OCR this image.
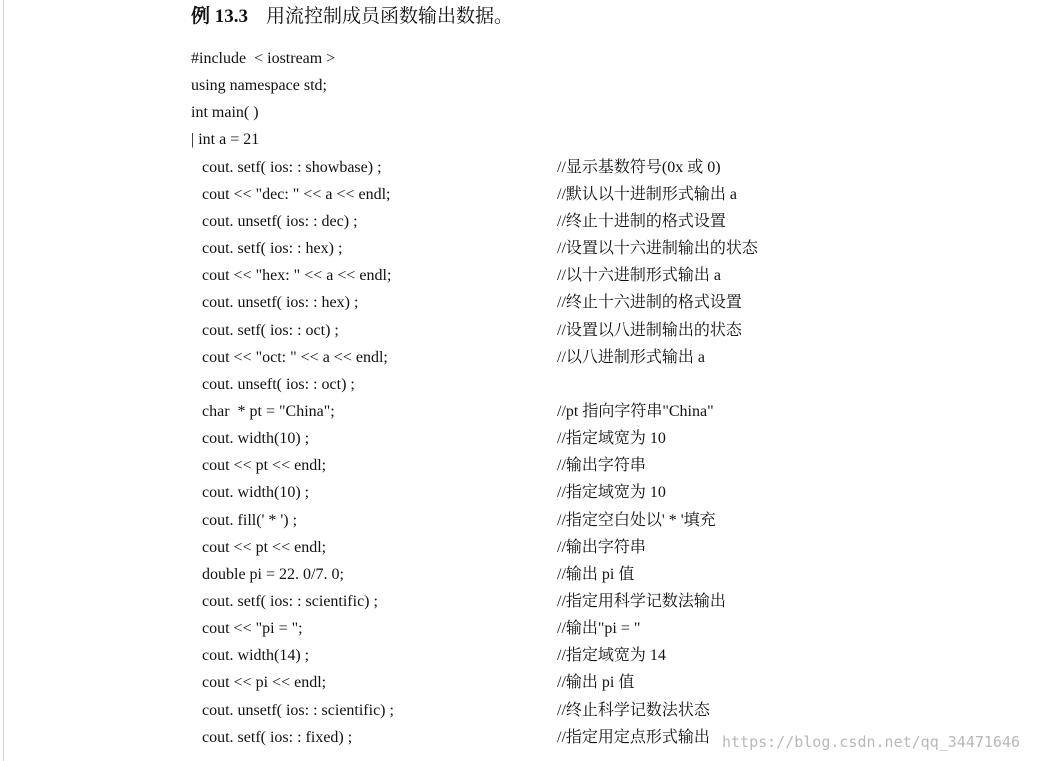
例 13.3 用流控制成员函数输出数据。
#include  < iostream >
using namespace std;
int main( )
| int a = 21
cout. setf( ios: : showbase) ;	//显示基数符号(0x 或 0)
cout << "dec: " << a << endl;	//默认以十进制形式输出 a
cout. unsetf( ios: : dec) ;	//终止十进制的格式设置
cout. setf( ios: : hex) ;	//设置以十六进制输出的状态
cout << "hex: " << a << endl;	//以十六进制形式输出 a
cout. unsetf( ios: : hex) ;	//终止十六进制的格式设置
cout. setf( ios: : oct) ;	//设置以八进制输出的状态
cout << "oct: " << a << endl;	//以八进制形式输出 a
cout. unseft( ios: : oct) ;
char  * pt = "China";	//pt 指向字符串"China"
cout. width(10) ;	//指定域宽为 10
cout << pt << endl;	//输出字符串
cout. width(10) ;	//指定域宽为 10
cout. fill(' * ') ;	//指定空白处以' * '填充
cout << pt << endl;	//输出字符串
double pi = 22. 0/7. 0;	//输出 pi 值
cout. setf( ios: : scientific) ;	//指定用科学记数法输出
cout << "pi = ";	//输出"pi = "
cout. width(14) ;	//指定域宽为 14
cout << pi << endl;	//输出 pi 值
cout. unsetf( ios: : scientific) ;	//终止科学记数法状态
cout. setf( ios: : fixed) ;	//指定用定点形式输出 https://blog.csdn.net/qq_34471646
